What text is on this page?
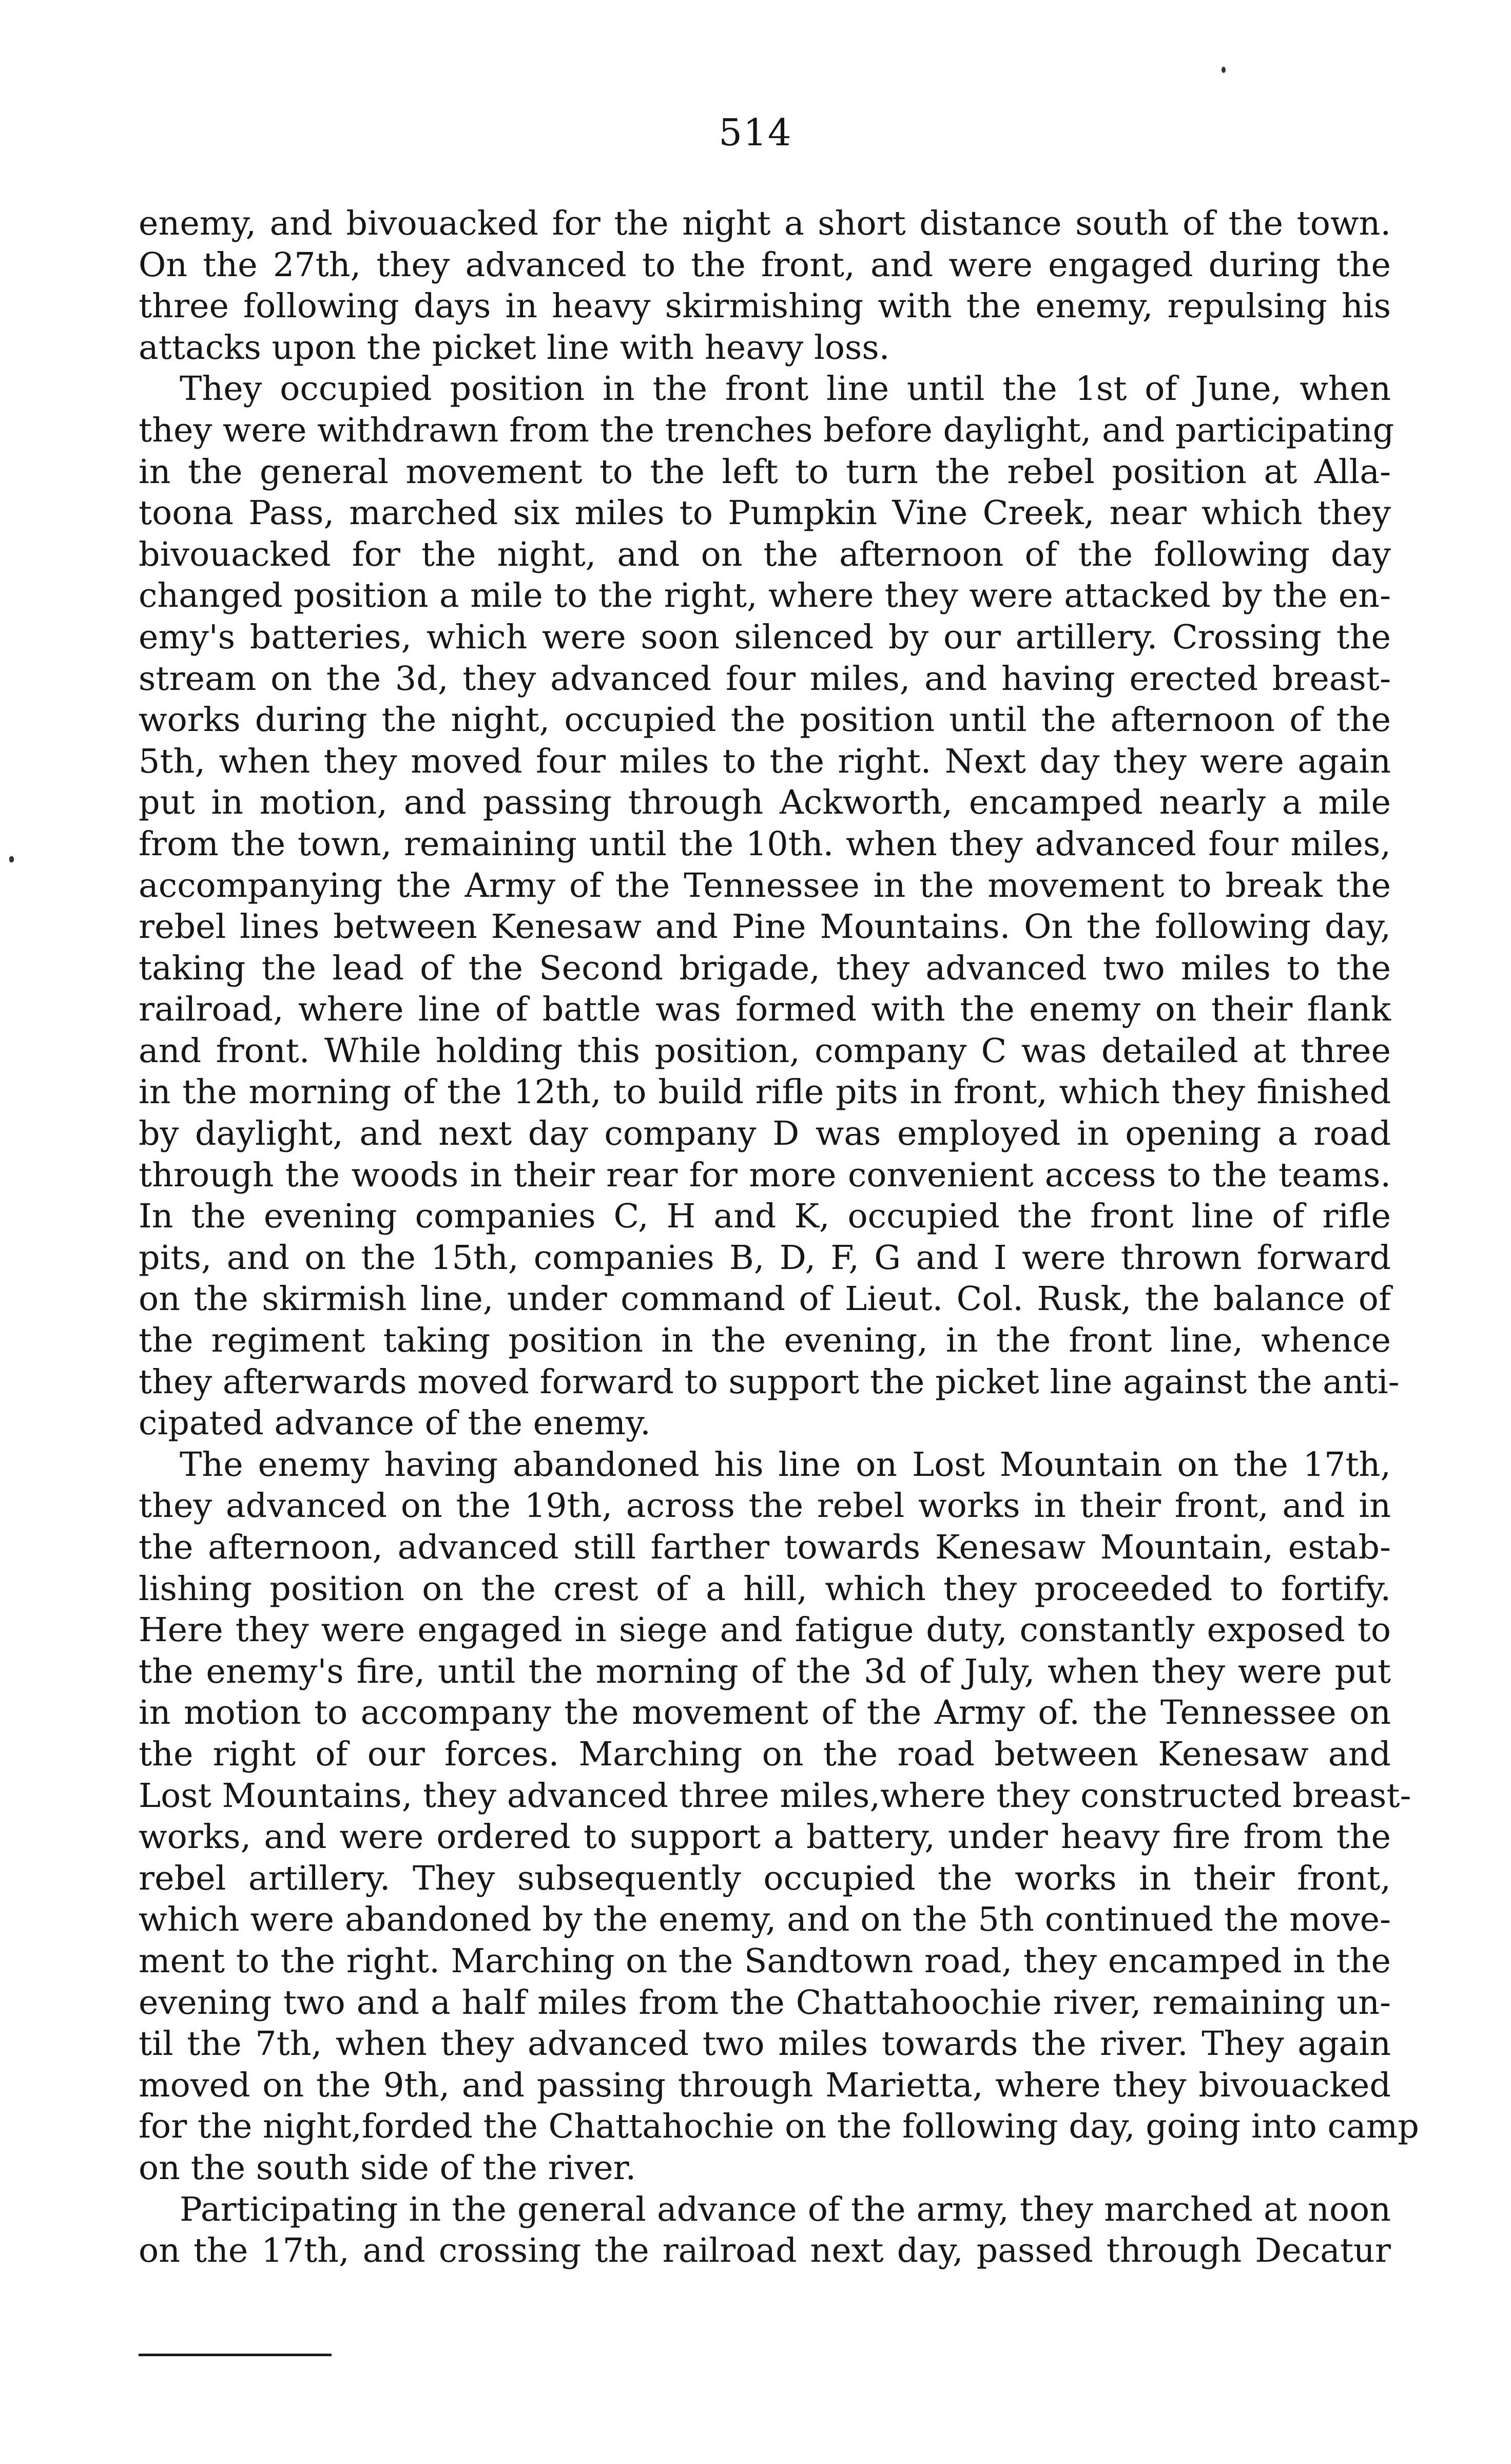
514
enemy, and bivouacked for the night a short distance south of the town.
On the 27th, they advanced to the front, and were engaged during the
three following days in heavy skirmishing with the enemy, repulsing his
attacks upon the picket line with heavy loss.
They occupied position in the front line until the 1st of June, when
they were withdrawn from the trenches before daylight, and participating
in the general movement to the left to turn the rebel position at Alla-
toona Pass, marched six miles to Pumpkin Vine Creek, near which they
bivouacked for the night, and on the afternoon of the following day
changed position a mile to the right, where they were attacked by the en-
emy's batteries, which were soon silenced by our artillery. Crossing the
stream on the 3d, they advanced four miles, and having erected breast-
works during the night, occupied the position until the afternoon of the
5th, when they moved four miles to the right. Next day they were again
put in motion, and passing through Ackworth, encamped nearly a mile
from the town, remaining until the 10th. when they advanced four miles,
accompanying the Army of the Tennessee in the movement to break the
rebel lines between Kenesaw and Pine Mountains. On the following day,
taking the lead of the Second brigade, they advanced two miles to the
railroad, where line of battle was formed with the enemy on their flank
and front. While holding this position, company C was detailed at three
in the morning of the 12th, to build rifle pits in front, which they finished
by daylight, and next day company D was employed in opening a road
through the woods in their rear for more convenient access to the teams.
In the evening companies C, H and K, occupied the front line of rifle
pits, and on the 15th, companies B, D, F, G and I were thrown forward
on the skirmish line, under command of Lieut. Col. Rusk, the balance of
the regiment taking position in the evening, in the front line, whence
they afterwards moved forward to support the picket line against the anti-
cipated advance of the enemy.
The enemy having abandoned his line on Lost Mountain on the 17th,
they advanced on the 19th, across the rebel works in their front, and in
the afternoon, advanced still farther towards Kenesaw Mountain, estab-
lishing position on the crest of a hill, which they proceeded to fortify.
Here they were engaged in siege and fatigue duty, constantly exposed to
the enemy's fire, until the morning of the 3d of July, when they were put
in motion to accompany the movement of the Army of. the Tennessee on
the right of our forces. Marching on the road between Kenesaw and
Lost Mountains, they advanced three miles,where they constructed breast-
works, and were ordered to support a battery, under heavy fire from the
rebel artillery. They subsequently occupied the works in their front,
which were abandoned by the enemy, and on the 5th continued the move-
ment to the right. Marching on the Sandtown road, they encamped in the
evening two and a half miles from the Chattahoochie river, remaining un-
til the 7th, when they advanced two miles towards the river. They again
moved on the 9th, and passing through Marietta, where they bivouacked
for the night,forded the Chattahochie on the following day, going into camp
on the south side of the river.
Participating in the general advance of the army, they marched at noon
on the 17th, and crossing the railroad next day, passed through Decatur
